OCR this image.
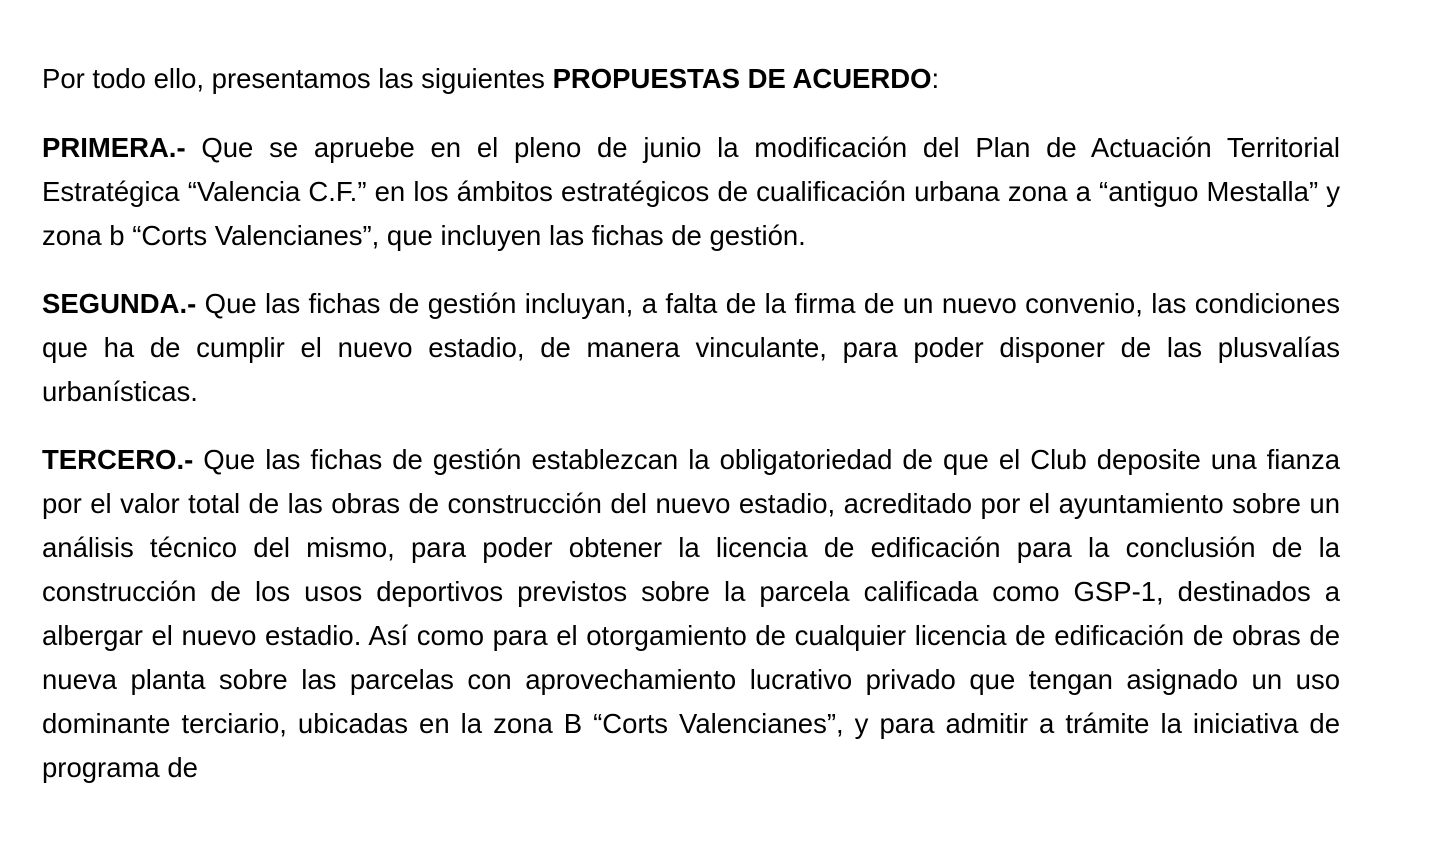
Por todo ello, presentamos las siguientes PROPUESTAS DE ACUERDO:

PRIMERA.- Que se apruebe en el pleno de junio la modificación del Plan de Actuación Territorial Estratégica “Valencia C.F.” en los ámbitos estratégicos de cualificación urbana zona a “antiguo Mestalla” y zona b “Corts Valencianes”, que incluyen las fichas de gestión.

SEGUNDA.- Que las fichas de gestión incluyan, a falta de la firma de un nuevo convenio, las condiciones que ha de cumplir el nuevo estadio, de manera vinculante, para poder disponer de las plusvalías urbanísticas.

TERCERO.- Que las fichas de gestión establezcan la obligatoriedad de que el Club deposite una fianza por el valor total de las obras de construcción del nuevo estadio, acreditado por el ayuntamiento sobre un análisis técnico del mismo, para poder obtener la licencia de edificación para la conclusión de la construcción de los usos deportivos previstos sobre la parcela calificada como GSP-1, destinados a albergar el nuevo estadio. Así como para el otorgamiento de cualquier licencia de edificación de obras de nueva planta sobre las parcelas con aprovechamiento lucrativo privado que tengan asignado un uso dominante terciario, ubicadas en la zona B “Corts Valencianes”, y para admitir a trámite la iniciativa de programa de
